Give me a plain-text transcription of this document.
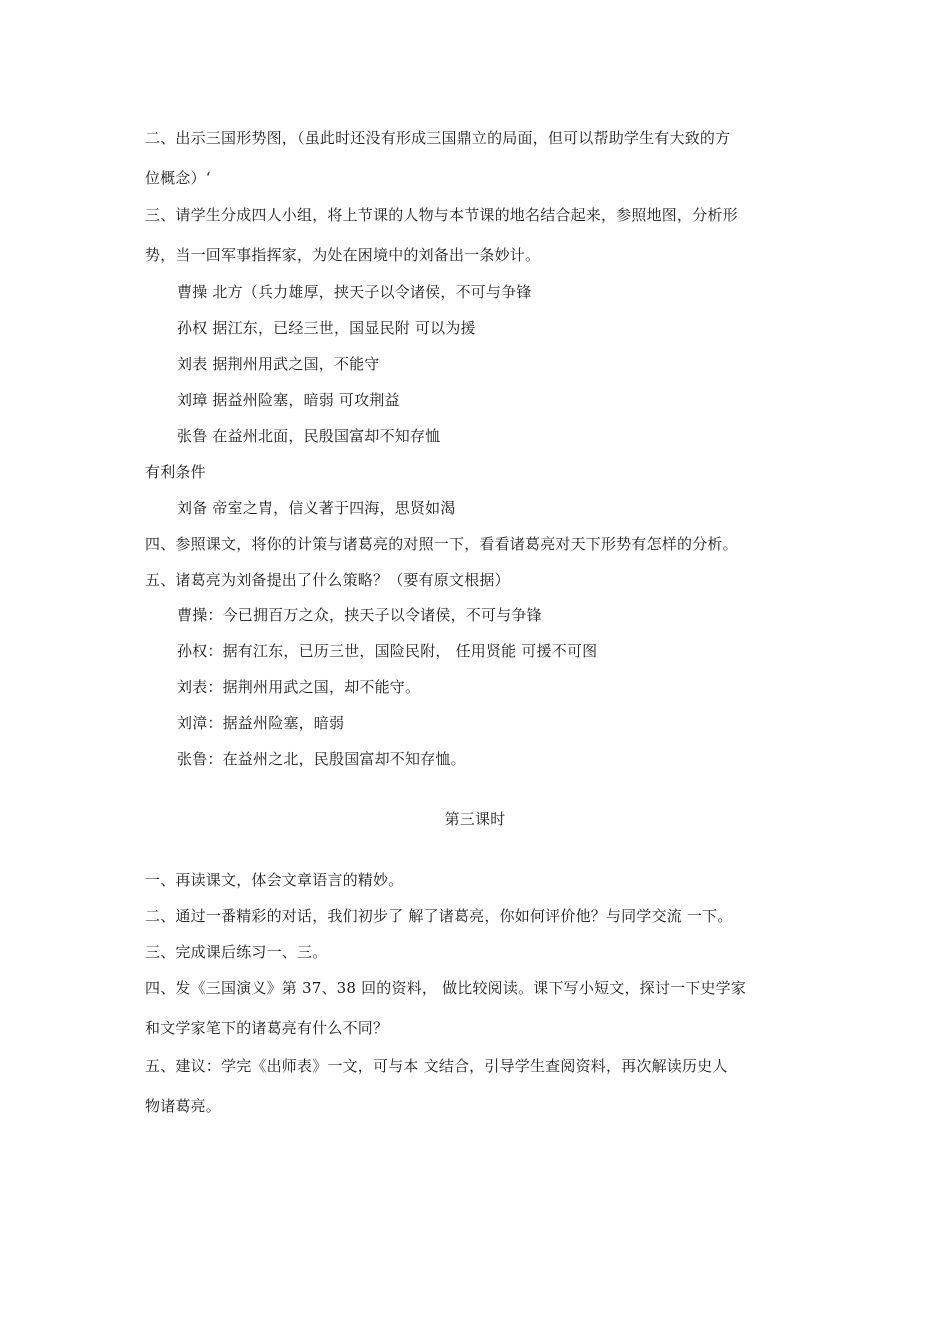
二、出示三国形势图，（虽此时还没有形成三国鼎立的局面，但可以帮助学生有大致的方
位概念）‘
三、请学生分成四人小组，将上节课的人物与本节课的地名结合起来，参照地图，分析形
势，当一回军事指挥家，为处在困境中的刘备出一条妙计。
曹操 北方（兵力雄厚，挟天子以令诸侯，不可与争锋
孙权 据江东，已经三世，国显民附 可以为援
刘表 据荆州用武之国，不能守
刘璋 据益州险塞，暗弱 可攻荆益
张鲁 在益州北面，民殷国富却不知存恤
有利条件
刘备 帝室之胄，信义著于四海，思贤如渴
四、参照课文，将你的计策与诸葛亮的对照一下，看看诸葛亮对天下形势有怎样的分析。
五、诸葛亮为刘备提出了什么策略？（要有原文根据）
曹操：今已拥百万之众，挟天子以令诸侯，不可与争锋
孙权：据有江东，已历三世，国险民附， 任用贤能 可援不可图
刘表：据荆州用武之国，却不能守。
刘漳：据益州险塞，暗弱
张鲁：在益州之北，民殷国富却不知存恤。
第三课时
一、再读课文，体会文章语言的精妙。
二、通过一番精彩的对话，我们初步了 解了诸葛亮，你如何评价他？与同学交流 一下。
三、完成课后练习一、三。
四、发《三国演义》第 37、38 回的资料， 做比较阅读。课下写小短文，探讨一下史学家
和文学家笔下的诸葛亮有什么不同？
五、建议：学完《出师表》一文，可与本 文结合，引导学生查阅资料，再次解读历史人
物诸葛亮。
